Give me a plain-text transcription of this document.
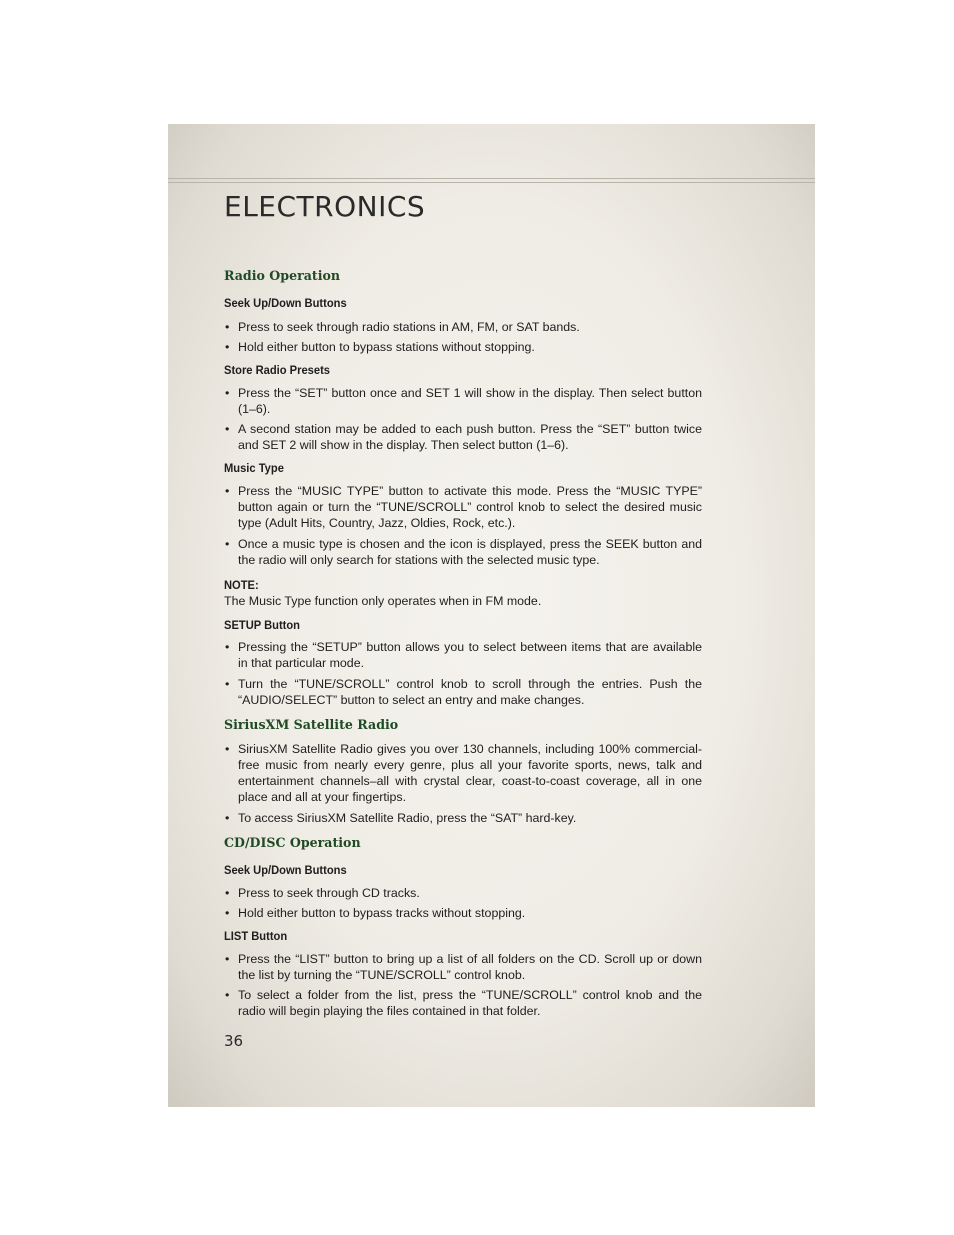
ELECTRONICS

Radio Operation

Seek Up/Down Buttons

• Press to seek through radio stations in AM, FM, or SAT bands.
• Hold either button to bypass stations without stopping.

Store Radio Presets

• Press the “SET” button once and SET 1 will show in the display. Then select button (1–6).
• A second station may be added to each push button. Press the “SET” button twice and SET 2 will show in the display. Then select button (1–6).

Music Type

• Press the “MUSIC TYPE” button to activate this mode. Press the “MUSIC TYPE” button again or turn the “TUNE/SCROLL” control knob to select the desired music type (Adult Hits, Country, Jazz, Oldies, Rock, etc.).
• Once a music type is chosen and the icon is displayed, press the SEEK button and the radio will only search for stations with the selected music type.
NOTE:
The Music Type function only operates when in FM mode.

SETUP Button

• Pressing the “SETUP” button allows you to select between items that are available in that particular mode.
• Turn the “TUNE/SCROLL” control knob to scroll through the entries. Push the “AUDIO/SELECT” button to select an entry and make changes.

SiriusXM Satellite Radio

• SiriusXM Satellite Radio gives you over 130 channels, including 100% commercial-free music from nearly every genre, plus all your favorite sports, news, talk and entertainment channels–all with crystal clear, coast-to-coast coverage, all in one place and all at your fingertips.
• To access SiriusXM Satellite Radio, press the “SAT” hard-key.

CD/DISC Operation

Seek Up/Down Buttons

• Press to seek through CD tracks.
• Hold either button to bypass tracks without stopping.

LIST Button

• Press the “LIST” button to bring up a list of all folders on the CD. Scroll up or down the list by turning the “TUNE/SCROLL” control knob.
• To select a folder from the list, press the “TUNE/SCROLL” control knob and the radio will begin playing the files contained in that folder.
36
